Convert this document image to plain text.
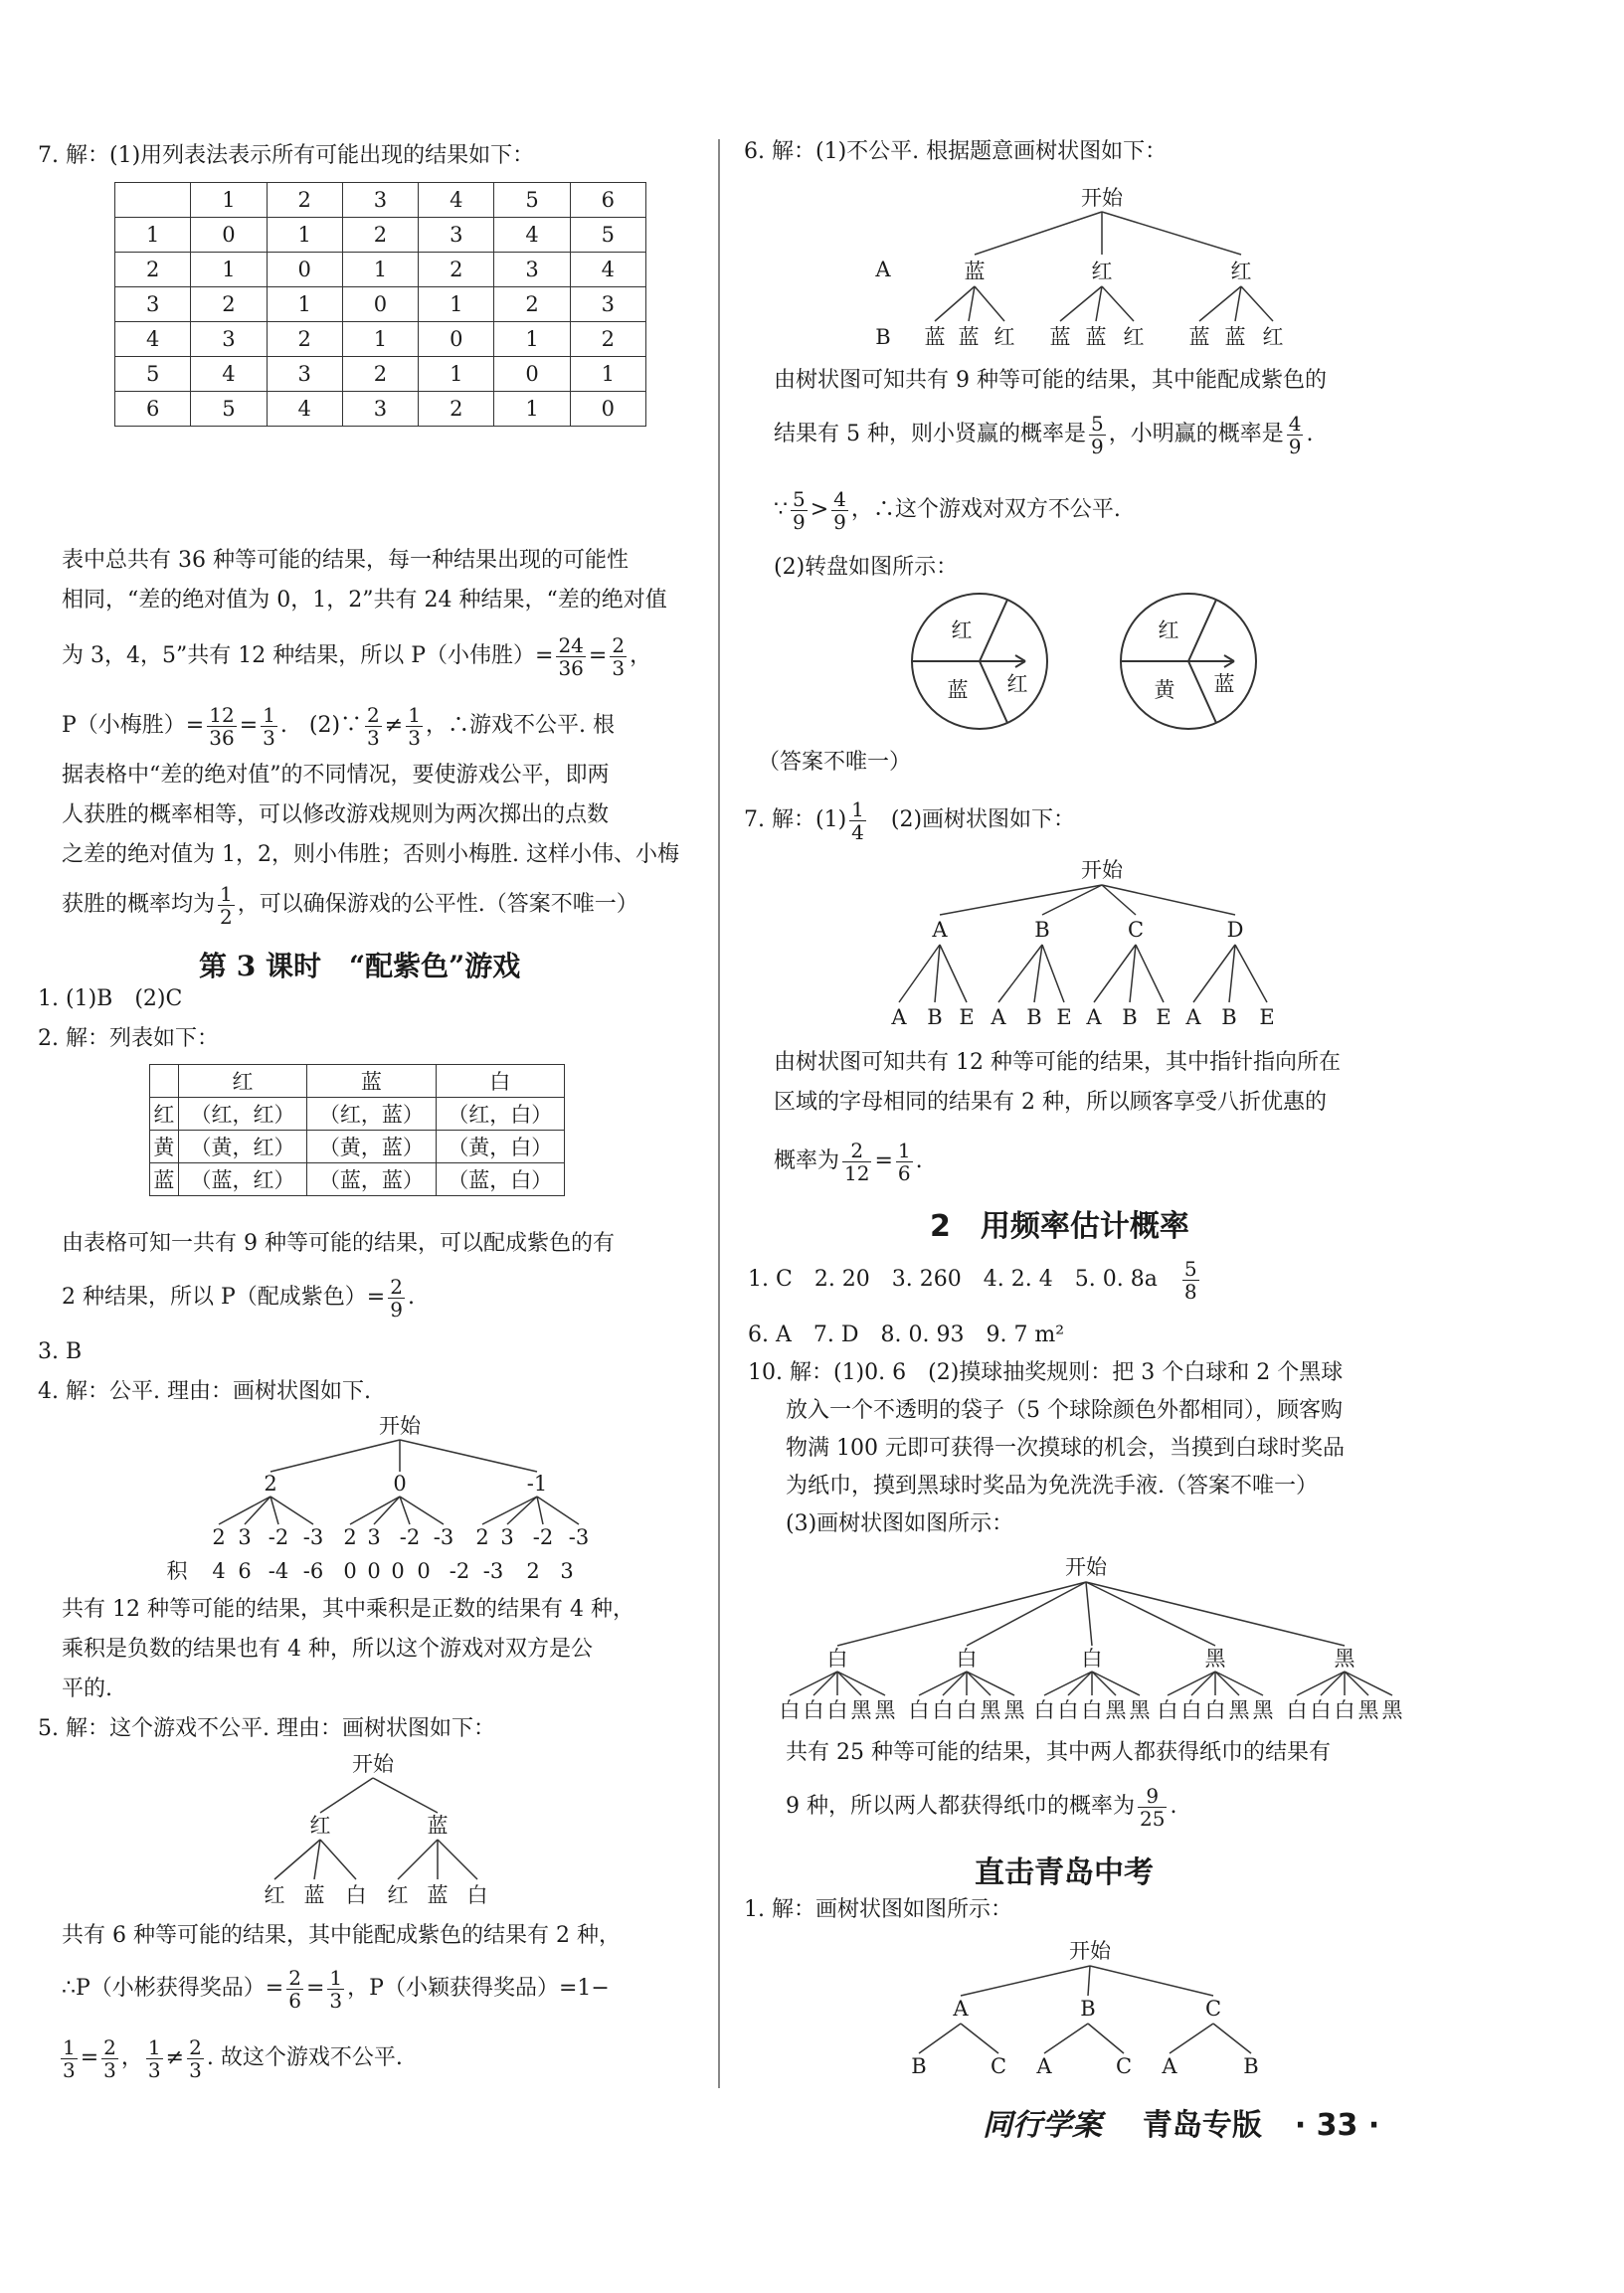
7. 解：(1)用列表法表示所有可能出现的结果如下：
	1	2	3	4	5	6
1	0	1	2	3	4	5
2	1	0	1	2	3	4
3	2	1	0	1	2	3
4	3	2	1	0	1	2
5	4	3	2	1	0	1
6	5	4	3	2	1	0
表中总共有 36 种等可能的结果，每一种结果出现的可能性
相同，“差的绝对值为 0，1，2”共有 24 种结果，“差的绝对值
为 3，4，5”共有 12 种结果，所以 P（小伟胜）= $\frac{24}{36} = \frac{2}{3}$ ，
P（小梅胜）= $\frac{12}{36} = \frac{1}{3}$ .　(2)∵ $\frac{2}{3} \ne \frac{1}{3}$ ，∴游戏不公平. 根
据表格中“差的绝对值”的不同情况，要使游戏公平，即两
人获胜的概率相等，可以修改游戏规则为两次掷出的点数
之差的绝对值为 1，2，则小伟胜；否则小梅胜. 这样小伟、小梅
获胜的概率均为 $\frac{1}{2}$ ，可以确保游戏的公平性.（答案不唯一）
第 3 课时　“配紫色”游戏
1. (1)B　(2)C
2. 解：列表如下：
	红	蓝	白
红	（红，红）	（红，蓝）	（红，白）
黄	（黄，红）	（黄，蓝）	（黄，白）
蓝	（蓝，红）	（蓝，蓝）	（蓝，白）
由表格可知一共有 9 种等可能的结果，可以配成紫色的有
2 种结果，所以 P（配成紫色）= $\frac{2}{9}$ .
3. B
4. 解：公平. 理由：画树状图如下.
开始
2	0	-1
2 3 -2 -3 2 3 -2 -3 2 3 -2 -3
积 4 6 -4 -6 0 0 0 0 -2 -3 2 3
共有 12 种等可能的结果，其中乘积是正数的结果有 4 种，
乘积是负数的结果也有 4 种，所以这个游戏对双方是公
平的.
5. 解：这个游戏不公平. 理由：画树状图如下：
开始
红	蓝
红 蓝 白 红 蓝 白
共有 6 种等可能的结果，其中能配成紫色的结果有 2 种，
∴P（小彬获得奖品）= $\frac{2}{6} = \frac{1}{3}$ ，P（小颖获得奖品）=1−
$\frac{1}{3} = \frac{2}{3}$ ， $\frac{1}{3} \ne \frac{2}{3}$ . 故这个游戏不公平.
6. 解：(1)不公平. 根据题意画树状图如下：
开始
A
B
蓝	红	红
蓝 蓝 红 蓝 蓝 红 蓝 蓝 红
由树状图可知共有 9 种等可能的结果，其中能配成紫色的
结果有 5 种，则小贤赢的概率是 $\frac{5}{9}$ ，小明赢的概率是 $\frac{4}{9}$ .
∵ $\frac{5}{9} > \frac{4}{9}$ ，∴这个游戏对双方不公平.
(2)转盘如图所示：
红
蓝 红
红
黄 蓝
（答案不唯一）
7. 解：$(1) \frac{1}{4}$ 　(2)画树状图如下：
开始
A	B	C	D
A B E A B E A B E A B E
由树状图可知共有 12 种等可能的结果，其中指针指向所在
区域的字母相同的结果有 2 种，所以顾客享受八折优惠的
概率为 $\frac{2}{12} = \frac{1}{6}$ .
2　用频率估计概率
1. C　2. 20　3. 260　4. 2. 4　5. 0. 8a　 $\frac{5}{8}$
6. A　7. D　8. 0. 93　9. 7 m²
10. 解：(1)0. 6　(2)摸球抽奖规则：把 3 个白球和 2 个黑球
放入一个不透明的袋子（5 个球除颜色外都相同），顾客购
物满 100 元即可获得一次摸球的机会，当摸到白球时奖品
为纸巾，摸到黑球时奖品为免洗洗手液.（答案不唯一）
(3)画树状图如图所示：
开始
白	白	白	黑	黑
白 白 白 黑 黑 白 白 白 黑 黑 白 白 白 黑 黑 白 白 白 黑 黑 白 白 白 黑 黑
共有 25 种等可能的结果，其中两人都获得纸巾的结果有
9 种，所以两人都获得纸巾的概率为 $\frac{9}{25}$ .
直击青岛中考
1. 解：画树状图如图所示：
开始
A	B	C
B	C A	C A	B
同行学案 青岛专版 · 33 ·
